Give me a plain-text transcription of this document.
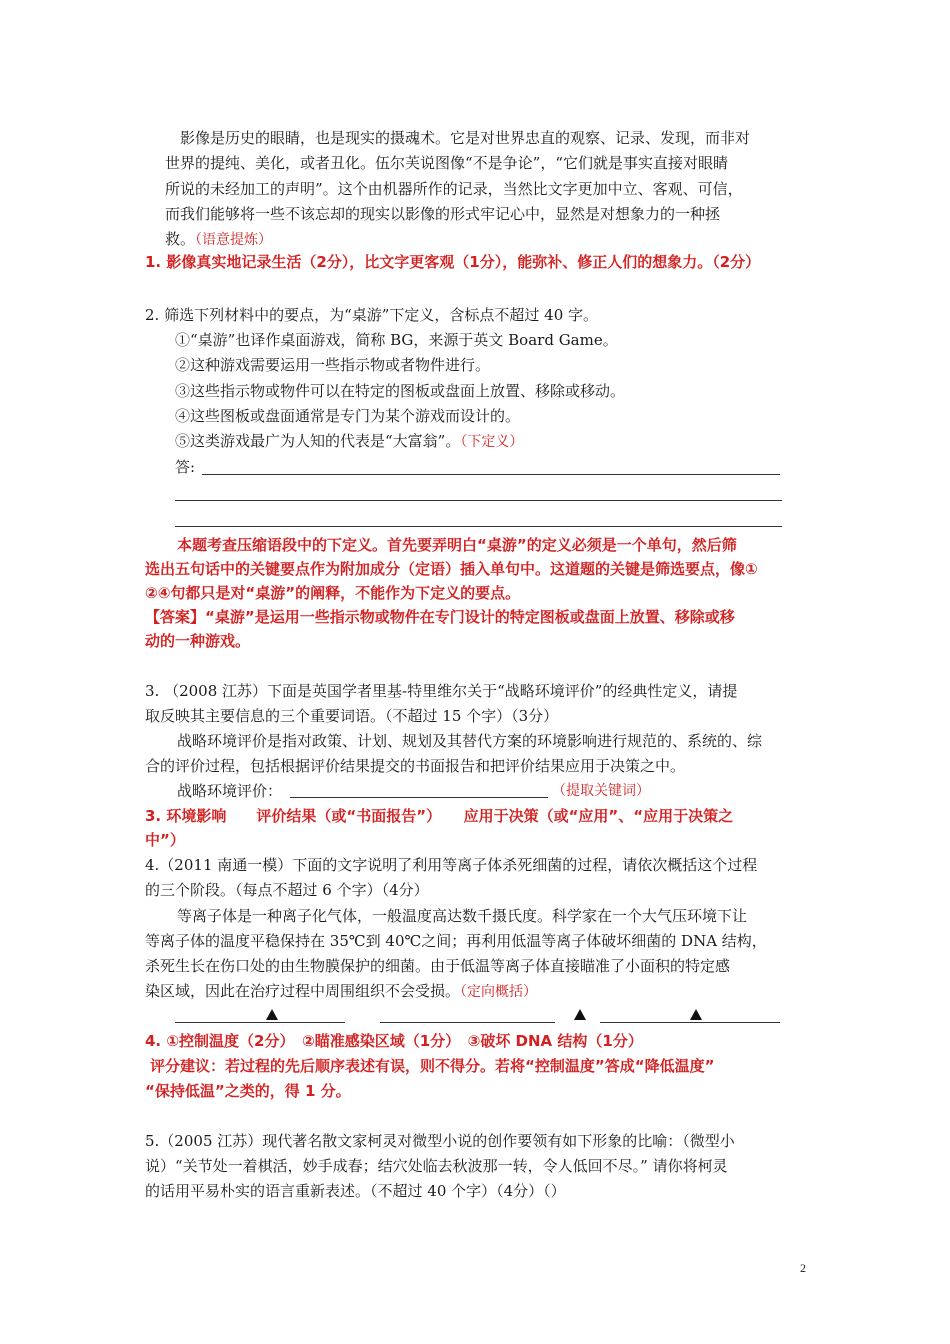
影像是历史的眼睛，也是现实的摄魂术。它是对世界忠直的观察、记录、发现，而非对
世界的提纯、美化，或者丑化。伍尔芙说图像“不是争论”，“它们就是事实直接对眼睛
所说的未经加工的声明”。这个由机器所作的记录，当然比文字更加中立、客观、可信，
而我们能够将一些不该忘却的现实以影像的形式牢记心中，显然是对想象力的一种拯
救。（语意提炼）
1. 影像真实地记录生活（2分），比文字更客观（1分），能弥补、修正人们的想象力。（2分）
2. 筛选下列材料中的要点，为“桌游”下定义，含标点不超过 40 字。
①“桌游”也译作桌面游戏，简称 BG，来源于英文 Board Game。
②这种游戏需要运用一些指示物或者物件进行。
③这些指示物或物件可以在特定的图板或盘面上放置、移除或移动。
④这些图板或盘面通常是专门为某个游戏而设计的。
⑤这类游戏最广为人知的代表是“大富翁”。（下定义）
答:
本题考查压缩语段中的下定义。首先要弄明白“桌游”的定义必须是一个单句，然后筛
选出五句话中的关键要点作为附加成分（定语）插入单句中。这道题的关键是筛选要点，像①
②④句都只是对“桌游”的阐释，不能作为下定义的要点。
【答案】“桌游”是运用一些指示物或物件在专门设计的特定图板或盘面上放置、移除或移
动的一种游戏。
3. （2008 江苏）下面是英国学者里基-特里维尔关于“战略环境评价”的经典性定义，请提
取反映其主要信息的三个重要词语。（不超过 15 个字）（3分）
战略环境评价是指对政策、计划、规划及其替代方案的环境影响进行规范的、系统的、综
合的评价过程，包括根据评价结果提交的书面报告和把评价结果应用于决策之中。
战略环境评价：	（提取关键词）
3. 环境影响　　评价结果（或“书面报告”）　　应用于决策（或“应用”、“应用于决策之
中”）
4.（2011 南通一模）下面的文字说明了利用等离子体杀死细菌的过程，请依次概括这个过程
的三个阶段。（每点不超过 6 个字）（4分）
等离子体是一种离子化气体，一般温度高达数千摄氏度。科学家在一个大气压环境下让
等离子体的温度平稳保持在 35℃到 40℃之间；再利用低温等离子体破坏细菌的 DNA 结构，
杀死生长在伤口处的由生物膜保护的细菌。由于低温等离子体直接瞄准了小面积的特定感
染区域，因此在治疗过程中周围组织不会受损。（定向概括）
4. ①控制温度（2分）　②瞄准感染区域（1分）　③破坏 DNA 结构（1分）
评分建议：若过程的先后顺序表述有误，则不得分。若将“控制温度”答成“降低温度”
“保持低温”之类的，得 1 分。
5.（2005 江苏）现代著名散文家柯灵对微型小说的创作要领有如下形象的比喻：（微型小
说）“关节处一着棋活，妙手成春；结穴处临去秋波那一转，令人低回不尽。” 请你将柯灵
的话用平易朴实的语言重新表述。（不超过 40 个字）（4分）（）
2
